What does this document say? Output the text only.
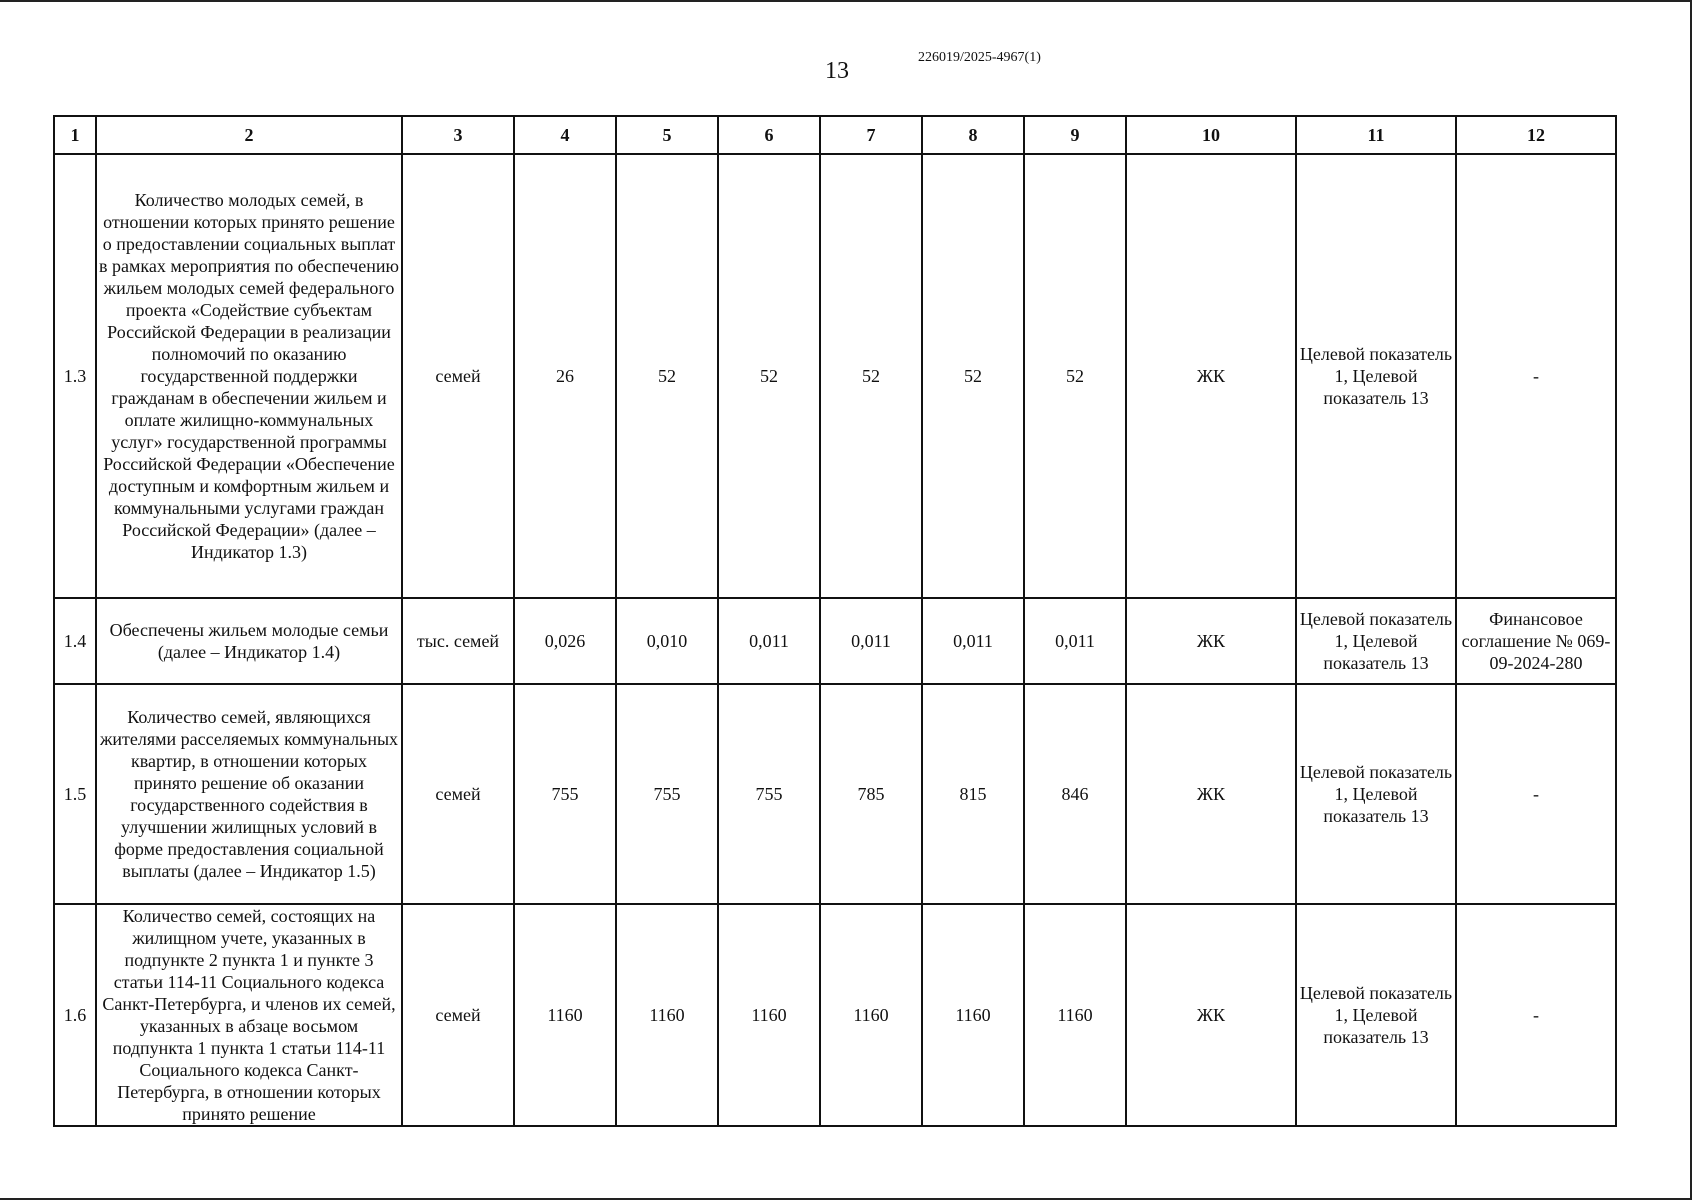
13
226019/2025-4967(1)
1	2	3	4	5	6	7	8	9	10	11	12
1.3	Количество молодых семей, в отношении которых принято решение о предоставлении социальных выплат в рамках мероприятия по обеспечению жильем молодых семей федерального проекта «Содействие субъектам Российской Федерации в реализации полномочий по оказанию государственной поддержки гражданам в обеспечении жильем и оплате жилищно-коммунальных услуг» государственной программы Российской Федерации «Обеспечение доступным и комфортным жильем и коммунальными услугами граждан Российской Федерации» (далее – Индикатор 1.3)	семей	26	52	52	52	52	52	ЖК	Целевой показатель 1, Целевой показатель 13	-
1.4	Обеспечены жильем молодые семьи (далее – Индикатор 1.4)	тыс. семей	0,026	0,010	0,011	0,011	0,011	0,011	ЖК	Целевой показатель 1, Целевой показатель 13	Финансовое соглашение № 069-09-2024-280
1.5	Количество семей, являющихся жителями расселяемых коммунальных квартир, в отношении которых принято решение об оказании государственного содействия в улучшении жилищных условий в форме предоставления социальной выплаты (далее – Индикатор 1.5)	семей	755	755	755	785	815	846	ЖК	Целевой показатель 1, Целевой показатель 13	-
1.6	Количество семей, состоящих на жилищном учете, указанных в подпункте 2 пункта 1 и пункте 3 статьи 114-11 Социального кодекса Санкт-Петербурга, и членов их семей, указанных в абзаце восьмом подпункта 1 пункта 1 статьи 114-11 Социального кодекса Санкт-Петербурга, в отношении которых принято решение	семей	1160	1160	1160	1160	1160	1160	ЖК	Целевой показатель 1, Целевой показатель 13	-
